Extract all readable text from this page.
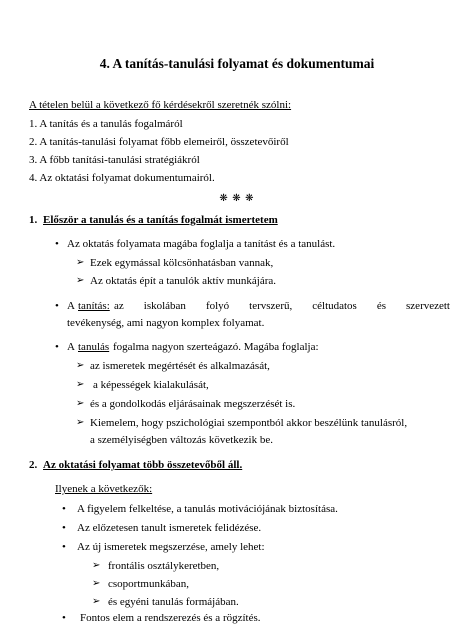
4. A tanítás-tanulási folyamat és dokumentumai
A tételen belül a következő fő kérdésekről szeretnék szólni:
1. A tanítás és a tanulás fogalmáról
2. A tanítás-tanulási folyamat főbb elemeiről, összetevőiről
3. A főbb tanítási-tanulási stratégiákról
4. Az oktatási folyamat dokumentumairól.
❋ ❋ ❋
1. Először a tanulás és a tanítás fogalmát ismertetem
• Az oktatás folyamata magába foglalja a tanítást és a tanulást.
➢ Ezek egymással kölcsönhatásban vannak,
➢ Az oktatás épít a tanulók aktív munkájára.
• A tanítás: az iskolában folyó tervszerű, céltudatos és szervezett
tevékenység, ami nagyon komplex folyamat.
• A tanulás fogalma nagyon szerteágazó. Magába foglalja:
➢ az ismeretek megértését és alkalmazását,
➢ a képességek kialakulását,
➢ és a gondolkodás eljárásainak megszerzését is.
➢ Kiemelem, hogy pszichológiai szempontból akkor beszélünk tanulásról,
a személyiségben változás következik be.
2. Az oktatási folyamat több összetevőből áll.
Ilyenek a következők:
• A figyelem felkeltése, a tanulás motivációjának biztosítása.
• Az előzetesen tanult ismeretek felidézése.
• Az új ismeretek megszerzése, amely lehet:
➢ frontális osztálykeretben,
➢ csoportmunkában,
➢ és egyéni tanulás formájában.
• Fontos elem a rendszerezés és a rögzítés.
